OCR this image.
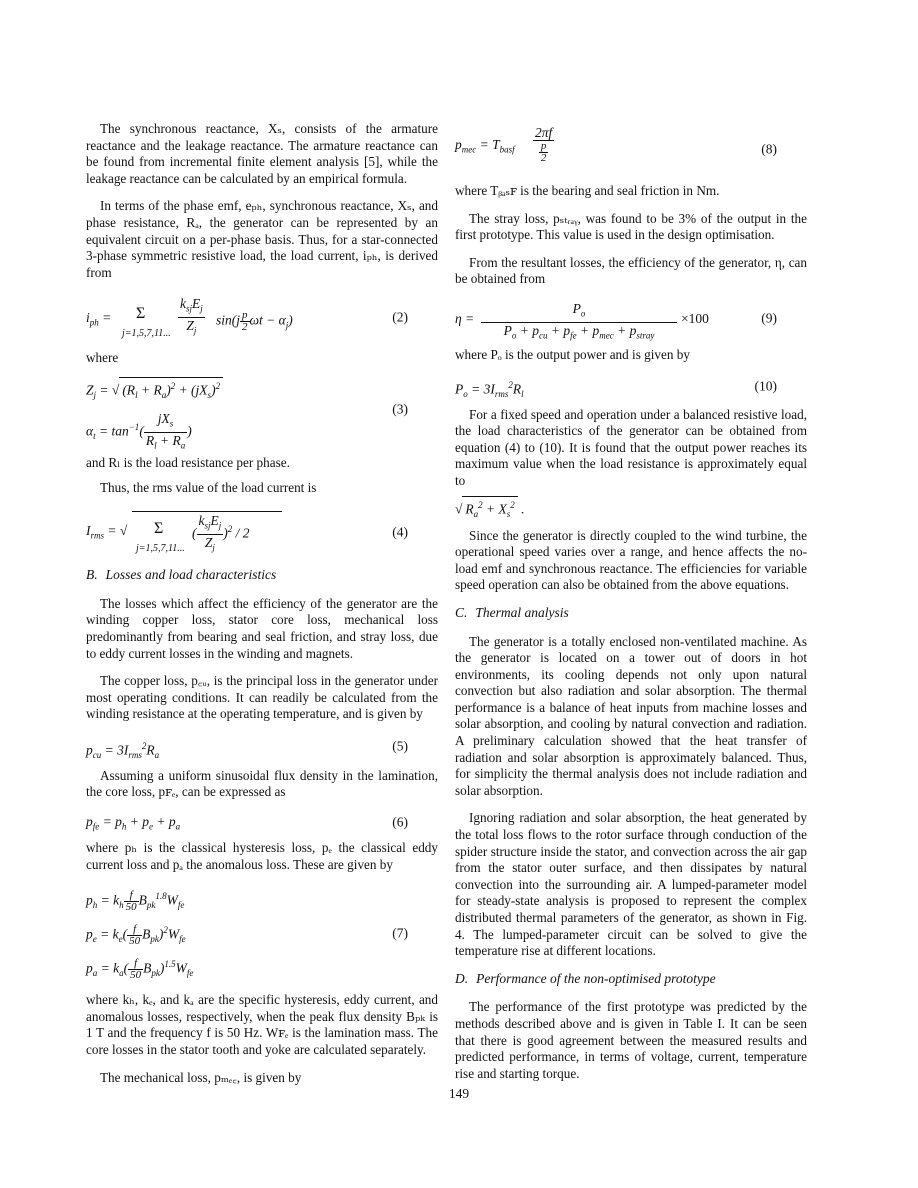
The synchronous reactance, Xₛ, consists of the armature reactance and the leakage reactance. The armature reactance can be found from incremental finite element analysis [5], while the leakage reactance can be calculated by an empirical formula.

In terms of the phase emf, eₚₕ, synchronous reactance, Xₛ, and phase resistance, Rₐ, the generator can be represented by an equivalent circuit on a per-phase basis. Thus, for a star-connected 3-phase symmetric resistive load, the load current, iₚₕ, is derived from

$i_{ph} = \Sigma$
j=1,5,7,11...
$k_{sj}E_j$
$Z_j$
$\sin(j \frac{p}{2}$ $\omega t - \alpha_j$)	(2)

where

$Z_j$ = √ $(R_l + R_a)^2 + (jX_s)^2$
$\alpha_t = \tan^{-1}( \frac{jX_s}{R_l + R_a}$ )
(3)

and Rₗ is the load resistance per phase.

Thus, the rms value of the load current is

$I_{rms}$ = √ Σ
j=1,5,7,11...
( $\frac{k_{sj}E_j}{Z_j} )^2 / 2$	(4)
B. Losses and load characteristics

The losses which affect the efficiency of the generator are the winding copper loss, stator core loss, mechanical loss predominantly from bearing and seal friction, and stray loss, due to eddy current losses in the winding and magnets.

The copper loss, p꜀ᵤ, is the principal loss in the generator under most operating conditions. It can readily be calculated from the winding resistance at the operating temperature, and is given by

$p_{cu} = 3I_{rms}^2R_a$
(5)

Assuming a uniform sinusoidal flux density in the lamination, the core loss, pꜰₑ, can be expressed as

$p_{fe} = p_h + p_e + p_a$	(6)

where pₕ is the classical hysteresis loss, pₑ the classical eddy current loss and pₐ the anomalous loss. These are given by

$p_h = k_h \frac{f}{50} B_{pk}^{1.8}W_{fe}$
$p_e = k_e( \frac{f}{50} B_{pk})^2W_{fe}$
$p_a = k_a( \frac{f}{50} B_{pk})^{1.5}W_{fe}$
(7)

where kₕ, kₑ, and kₐ are the specific hysteresis, eddy current, and anomalous losses, respectively, when the peak flux density Bₚₖ is 1 T and the frequency f is 50 Hz. Wꜰₑ is the lamination mass. The core losses in the stator tooth and yoke are calculated separately.

The mechanical loss, pₘₑ꜀, is given by

$p_{mec} = T_{basf} \frac{2\pi f}{\frac{p}{2}}$	(8)

where Tᵦₐₛꜰ is the bearing and seal friction in Nm.

The stray loss, pₛₜᵣₐᵧ, was found to be 3% of the output in the first prototype. This value is used in the design optimisation.

From the resultant losses, the efficiency of the generator, η, can be obtained from

η =
$P_o$
$P_o + p_{cu} + p_{fe} + p_{mec} + p_{stray}$
×100	(9)

where Pₒ is the output power and is given by

$P_o = 3I_{rms}^2R_l$
(10)

For a fixed speed and operation under a balanced resistive load, the load characteristics of the generator can be obtained from equation (4) to (10). It is found that the output power reaches its maximum value when the load resistance is approximately equal to

√ $R_a^2 + X_s^2$ .

Since the generator is directly coupled to the wind turbine, the operational speed varies over a range, and hence affects the no-load emf and synchronous reactance. The efficiencies for variable speed operation can also be obtained from the above equations.

C. Thermal analysis

The generator is a totally enclosed non-ventilated machine. As the generator is located on a tower out of doors in hot environments, its cooling depends not only upon natural convection but also radiation and solar absorption. The thermal performance is a balance of heat inputs from machine losses and solar absorption, and cooling by natural convection and radiation. A preliminary calculation showed that the heat transfer of radiation and solar absorption is approximately balanced. Thus, for simplicity the thermal analysis does not include radiation and solar absorption.

Ignoring radiation and solar absorption, the heat generated by the total loss flows to the rotor surface through conduction of the spider structure inside the stator, and convection across the air gap from the stator outer surface, and then dissipates by natural convection into the surrounding air. A lumped-parameter model for steady-state analysis is proposed to represent the complex distributed thermal parameters of the generator, as shown in Fig. 4. The lumped-parameter circuit can be solved to give the temperature rise at different locations.

D. Performance of the non-optimised prototype

The performance of the first prototype was predicted by the methods described above and is given in Table I. It can be seen that there is good agreement between the measured results and predicted performance, in terms of voltage, current, temperature rise and starting torque.

149
